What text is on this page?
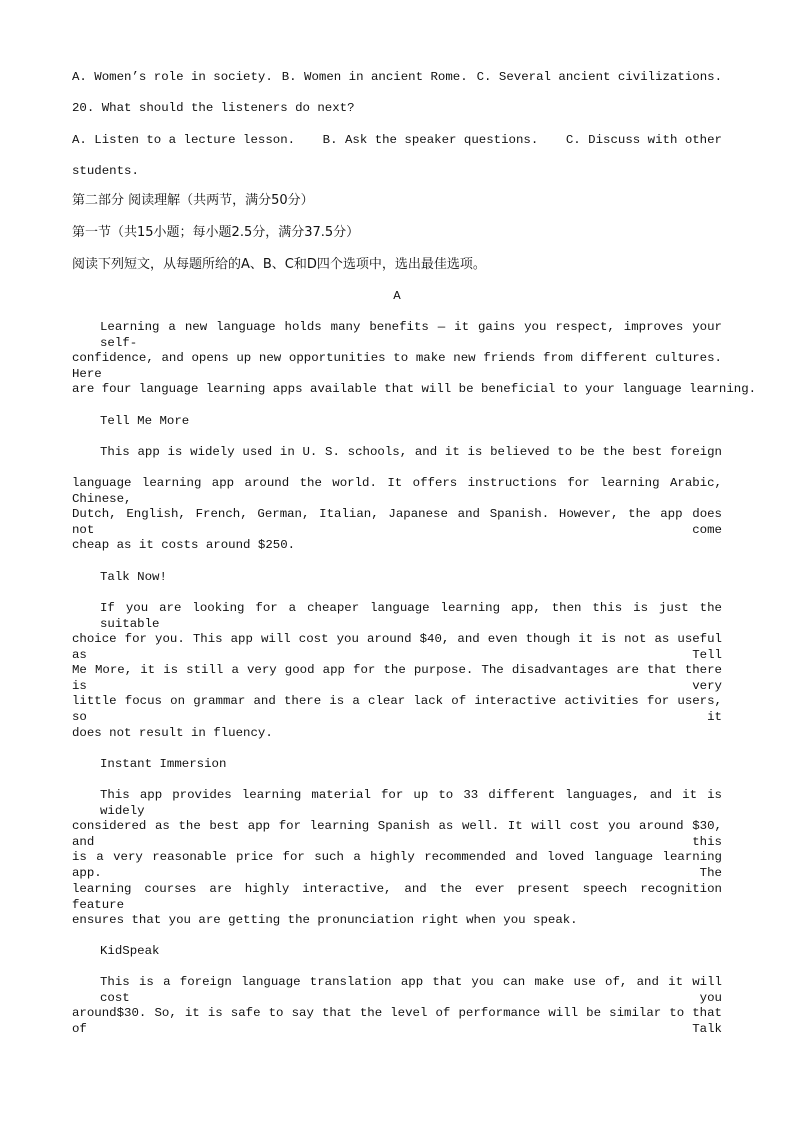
A. Women’s role in society. B. Women in ancient Rome. C. Several ancient civilizations.
20. What should the listeners do next?
A. Listen to a lecture lesson. B. Ask the speaker questions. C. Discuss with other
students.
第二部分 阅读理解（共两节，满分50分）
第一节（共15小题；每小题2.5分，满分37.5分）
阅读下列短文，从每题所给的A、B、C和D四个选项中，选出最佳选项。
A
Learning a new language holds many benefits — it gains you respect, improves your self-
confidence, and opens up new opportunities to make new friends from different cultures. Here
are four language learning apps available that will be beneficial to your language learning.
Tell Me More
This app is widely used in U. S. schools, and it is believed to be the best foreign
language learning app around the world. It offers instructions for learning Arabic, Chinese,
Dutch, English, French, German, Italian, Japanese and Spanish. However, the app does not come
cheap as it costs around $250.
Talk Now!
If you are looking for a cheaper language learning app, then this is just the suitable
choice for you. This app will cost you around $40, and even though it is not as useful as Tell
Me More, it is still a very good app for the purpose. The disadvantages are that there is very
little focus on grammar and there is a clear lack of interactive activities for users, so it
does not result in fluency.
Instant Immersion
This app provides learning material for up to 33 different languages, and it is widely
considered as the best app for learning Spanish as well. It will cost you around $30, and this
is a very reasonable price for such a highly recommended and loved language learning app. The
learning courses are highly interactive, and the ever present speech recognition feature
ensures that you are getting the pronunciation right when you speak.
KidSpeak
This is a foreign language translation app that you can make use of, and it will cost you
around$30. So, it is safe to say that the level of performance will be similar to that of Talk
